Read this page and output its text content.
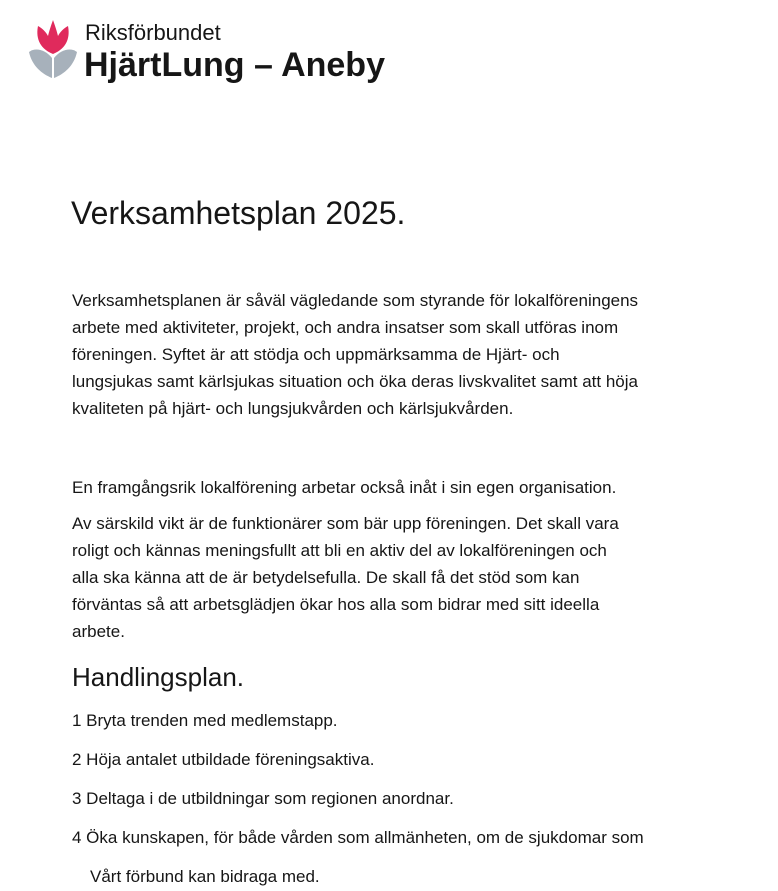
Riksförbundet
HjärtLung – Aneby
Verksamhetsplan 2025.
Verksamhetsplanen är såväl vägledande som styrande för lokalföreningens
arbete med aktiviteter, projekt, och andra insatser som skall utföras inom
föreningen. Syftet är att stödja och uppmärksamma de Hjärt- och
lungsjukas samt kärlsjukas situation och öka deras livskvalitet samt att höja
kvaliteten på hjärt- och lungsjukvården och kärlsjukvården.
En framgångsrik lokalförening arbetar också inåt i sin egen organisation.
Av särskild vikt är de funktionärer som bär upp föreningen. Det skall vara
roligt och kännas meningsfullt att bli en aktiv del av lokalföreningen och
alla ska känna att de är betydelsefulla. De skall få det stöd som kan
förväntas så att arbetsglädjen ökar hos alla som bidrar med sitt ideella
arbete.
Handlingsplan.
1 Bryta trenden med medlemstapp.
2 Höja antalet utbildade föreningsaktiva.
3 Deltaga i de utbildningar som regionen anordnar.
4 Öka kunskapen, för både vården som allmänheten, om de sjukdomar som
Vårt förbund kan bidraga med.
